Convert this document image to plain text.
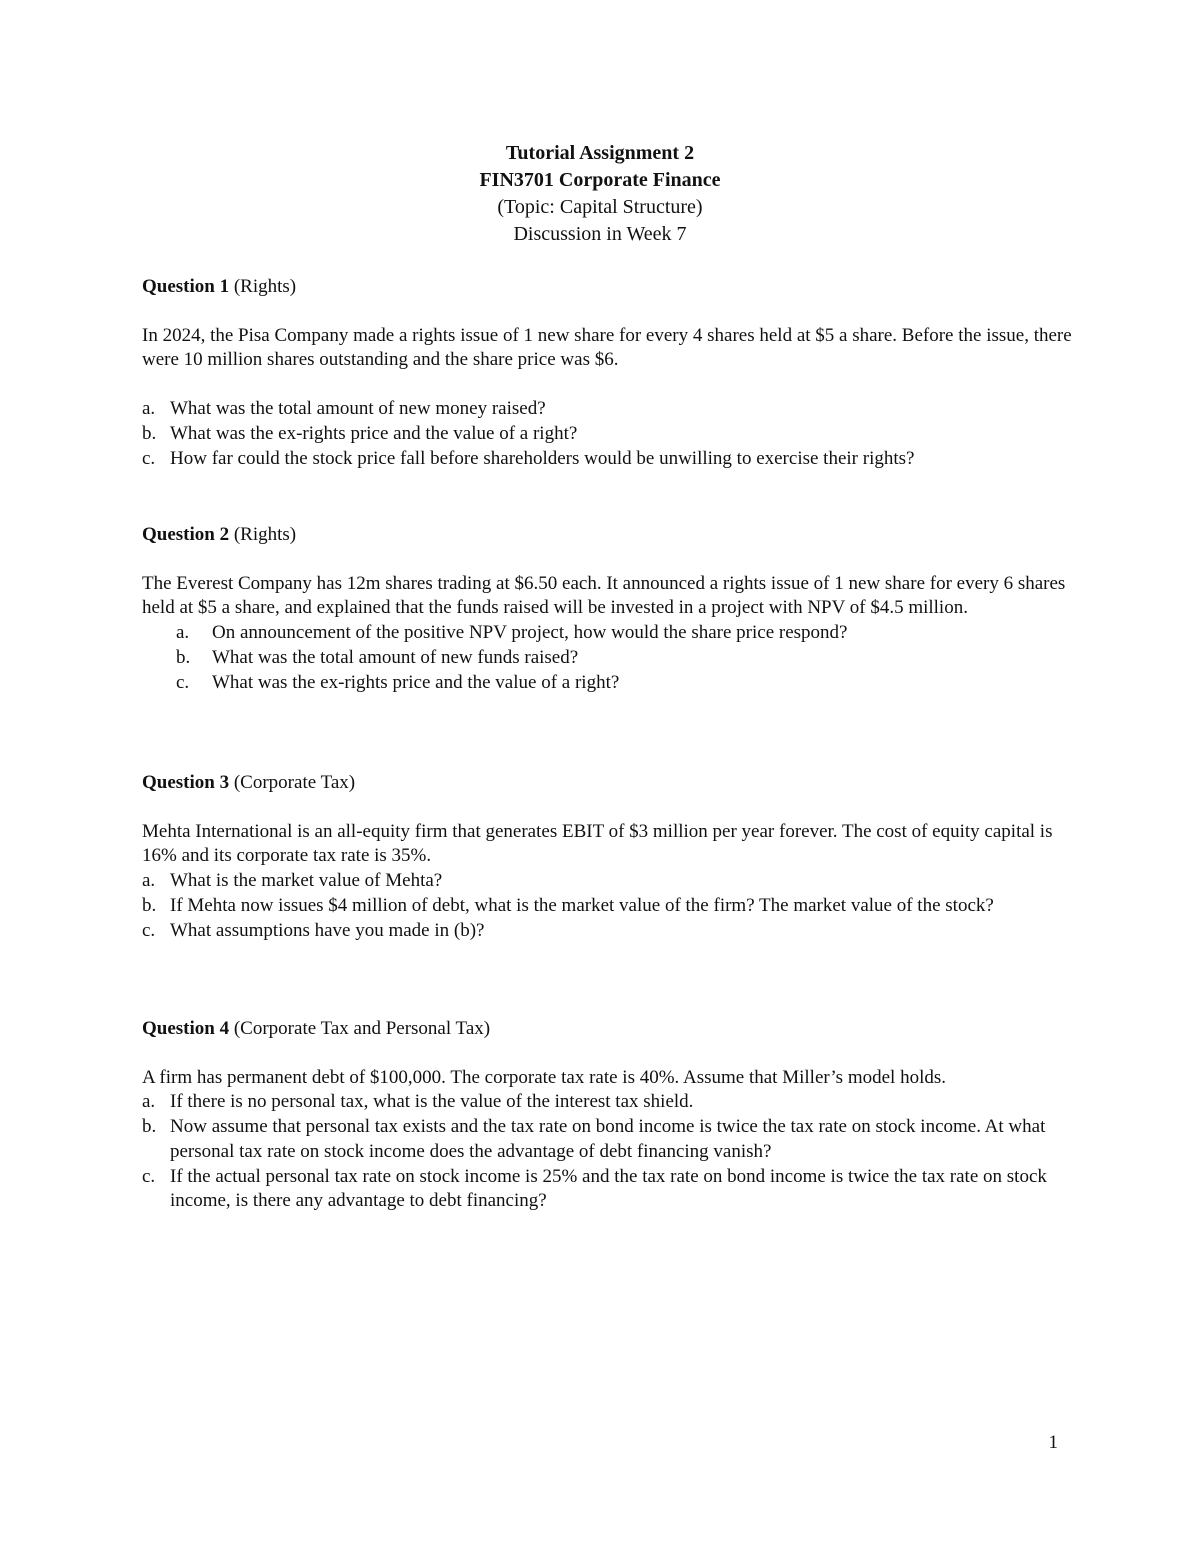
Tutorial Assignment 2
FIN3701 Corporate Finance
(Topic: Capital Structure)
Discussion in Week 7

Question 1 (Rights)

In 2024, the Pisa Company made a rights issue of 1 new share for every 4 shares held at $5 a share. Before the issue, there were 10 million shares outstanding and the share price was $6.

a. What was the total amount of new money raised?
b. What was the ex-rights price and the value of a right?
c. How far could the stock price fall before shareholders would be unwilling to exercise their rights?

Question 2 (Rights)

The Everest Company has 12m shares trading at $6.50 each. It announced a rights issue of 1 new share for every 6 shares held at $5 a share, and explained that the funds raised will be invested in a project with NPV of $4.5 million.

a. On announcement of the positive NPV project, how would the share price respond?
b. What was the total amount of new funds raised?
c. What was the ex-rights price and the value of a right?

Question 3 (Corporate Tax)

Mehta International is an all-equity firm that generates EBIT of $3 million per year forever. The cost of equity capital is 16% and its corporate tax rate is 35%.

a. What is the market value of Mehta?
b. If Mehta now issues $4 million of debt, what is the market value of the firm? The market value of the stock?
c. What assumptions have you made in (b)?

Question 4 (Corporate Tax and Personal Tax)

A firm has permanent debt of $100,000. The corporate tax rate is 40%. Assume that Miller’s model holds.

a. If there is no personal tax, what is the value of the interest tax shield.
b. Now assume that personal tax exists and the tax rate on bond income is twice the tax rate on stock income. At what personal tax rate on stock income does the advantage of debt financing vanish?
c. If the actual personal tax rate on stock income is 25% and the tax rate on bond income is twice the tax rate on stock income, is there any advantage to debt financing?
1
